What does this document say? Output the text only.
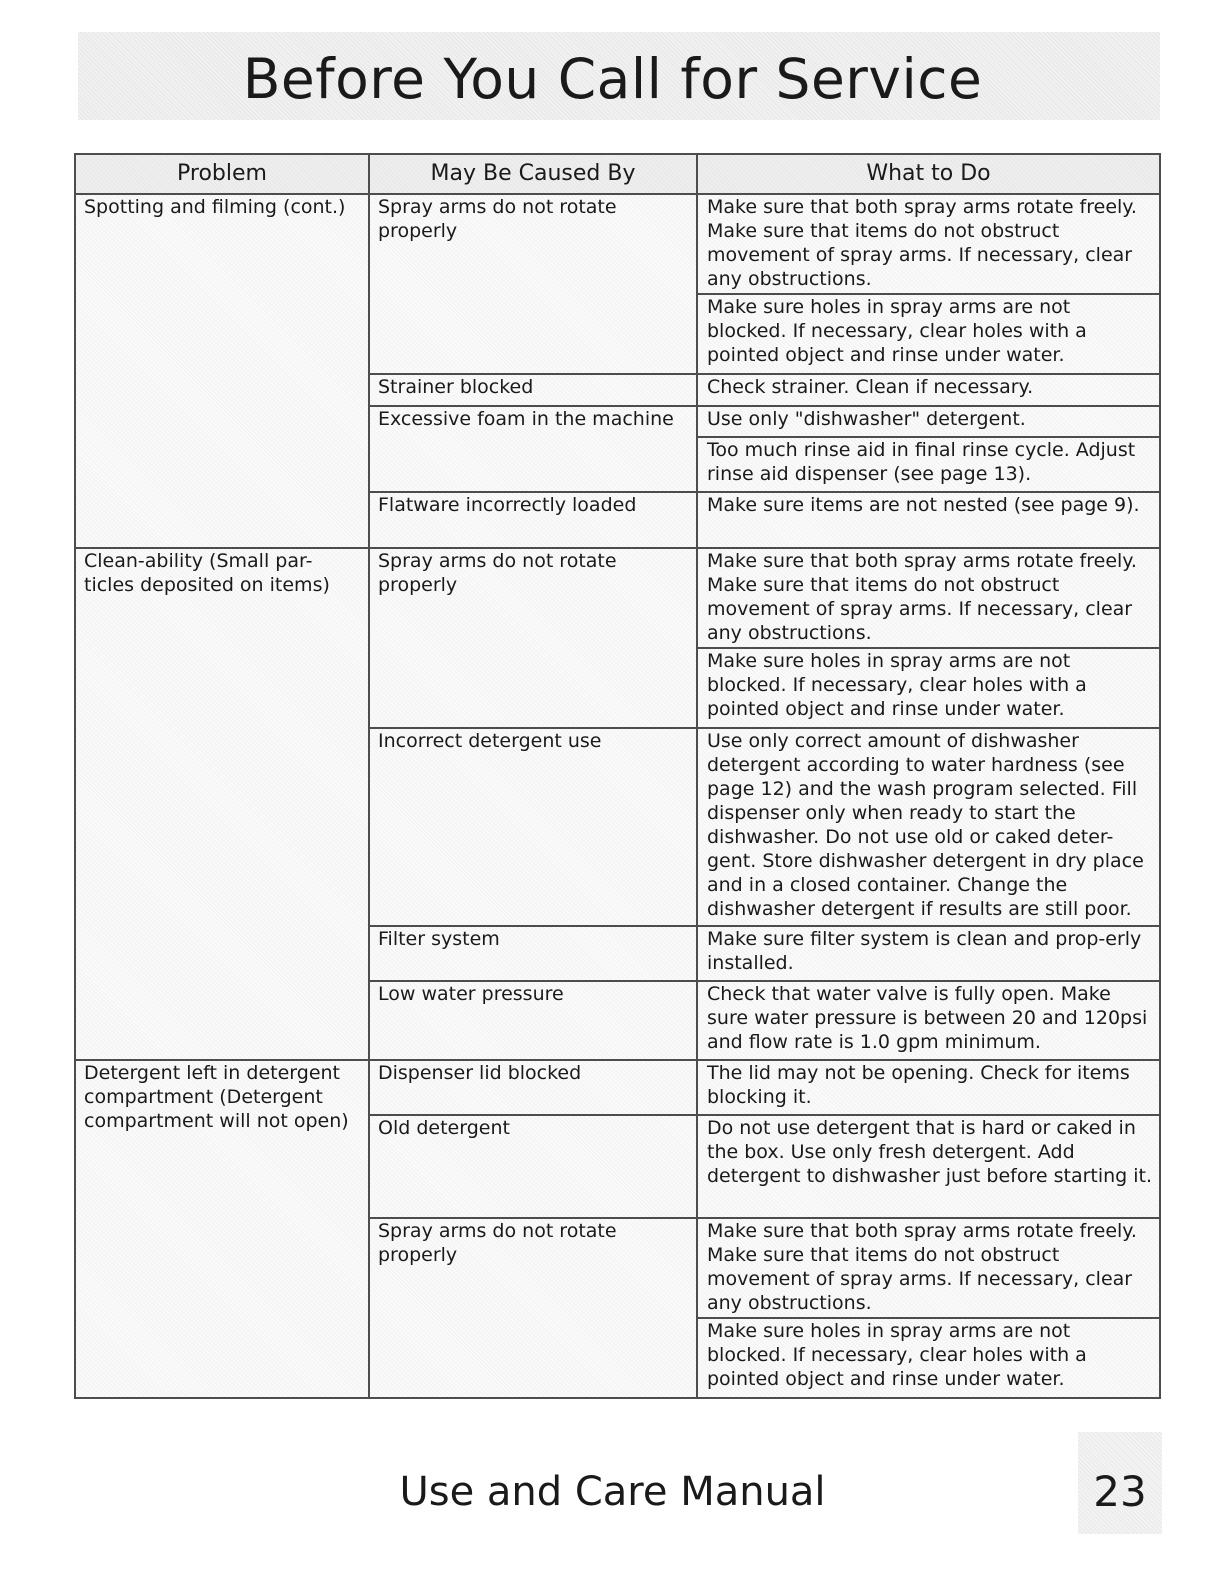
Before You Call for Service
Problem	May Be Caused By	What to Do
Spotting and filming (cont.)	Spray arms do not rotate properly	Make sure that both spray arms rotate freely. Make sure that items do not obstruct movement of spray arms. If necessary, clear any obstructions.
		Make sure holes in spray arms are not blocked. If necessary, clear holes with a pointed object and rinse under water.
	Strainer blocked	Check strainer. Clean if necessary.
	Excessive foam in the machine	Use only "dishwasher" detergent.
		Too much rinse aid in final rinse cycle. Adjust rinse aid dispenser (see page 13).
	Flatware incorrectly loaded	Make sure items are not nested (see page 9).
Clean-ability (Small par-ticles deposited on items)	Spray arms do not rotate properly	Make sure that both spray arms rotate freely. Make sure that items do not obstruct movement of spray arms. If necessary, clear any obstructions.
		Make sure holes in spray arms are not blocked. If necessary, clear holes with a pointed object and rinse under water.
	Incorrect detergent use	Use only correct amount of dishwasher detergent according to water hardness (see page 12) and the wash program selected. Fill dispenser only when ready to start the dishwasher. Do not use old or caked deter-gent. Store dishwasher detergent in dry place and in a closed container. Change the dishwasher detergent if results are still poor.
	Filter system	Make sure filter system is clean and prop-erly installed.
	Low water pressure	Check that water valve is fully open. Make sure water pressure is between 20 and 120psi and flow rate is 1.0 gpm minimum.
Detergent left in detergent compartment (Detergent compartment will not open)	Dispenser lid blocked	The lid may not be opening. Check for items blocking it.
	Old detergent	Do not use detergent that is hard or caked in the box. Use only fresh detergent. Add detergent to dishwasher just before starting it.
	Spray arms do not rotate properly	Make sure that both spray arms rotate freely. Make sure that items do not obstruct movement of spray arms. If necessary, clear any obstructions.
		Make sure holes in spray arms are not blocked. If necessary, clear holes with a pointed object and rinse under water.
Use and Care Manual	23
